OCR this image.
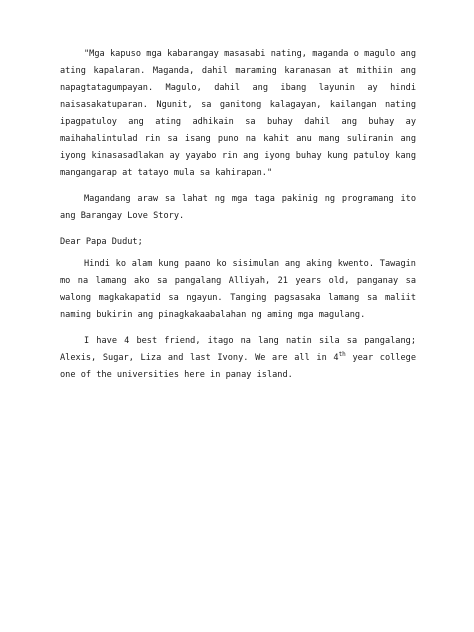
"Mga kapuso mga kabarangay masasabi nating, maganda o magulo ang ating kapalaran. Maganda, dahil maraming karanasan at mithiin ang napagtatagumpayan. Magulo, dahil ang ibang layunin ay hindi naisasakatuparan. Ngunit, sa ganitong kalagayan, kailangan nating ipagpatuloy ang ating adhikain sa buhay dahil ang buhay ay maihahalintulad rin sa isang puno na kahit anu mang suliranin ang iyong kinasasadlakan ay yayabo rin ang iyong buhay kung patuloy kang mangangarap at tatayo mula sa kahirapan."

Magandang araw sa lahat ng mga taga pakinig ng programang ito ang Barangay Love Story.

Dear Papa Dudut;

Hindi ko alam kung paano ko sisimulan ang aking kwento. Tawagin mo na lamang ako sa pangalang Alliyah, 21 years old, panganay sa walong magkakapatid sa ngayun. Tanging pagsasaka lamang sa maliit naming bukirin ang pinagkakaabalahan ng aming mga magulang.

I have 4 best friend, itago na lang natin sila sa pangalang; Alexis, Sugar, Liza and last Ivony. We are all in 4th year college one of the universities here in panay island.
